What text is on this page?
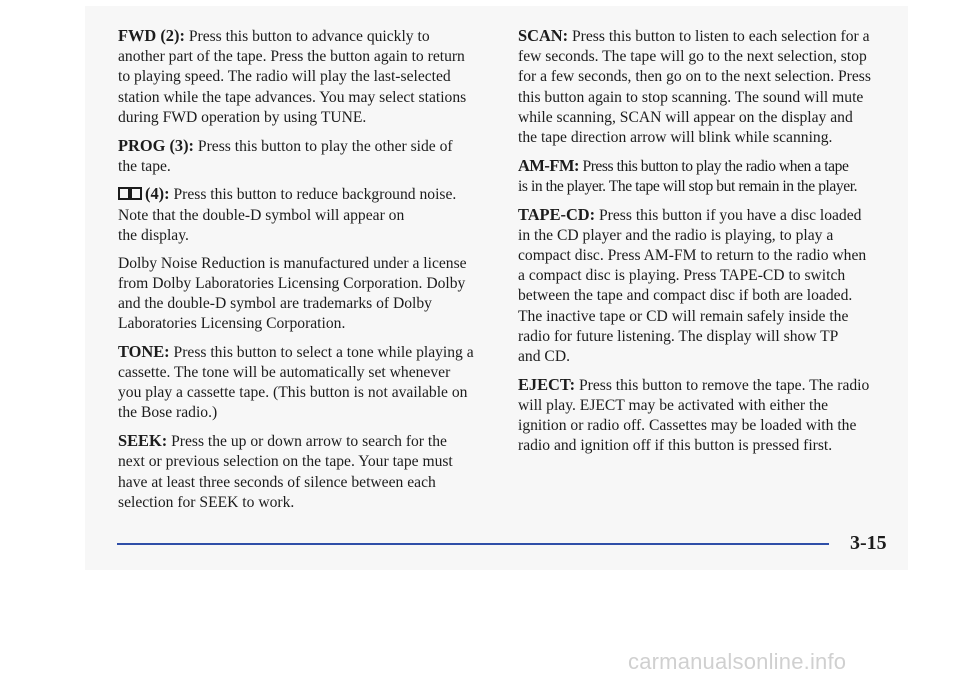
FWD (2): Press this button to advance quickly to
another part of the tape. Press the button again to return
to playing speed. The radio will play the last-selected
station while the tape advances. You may select stations
during FWD operation by using TUNE.
PROG (3): Press this button to play the other side of
the tape.
(4): Press this button to reduce background noise.
Note that the double-D symbol will appear on
the display.
Dolby Noise Reduction is manufactured under a license
from Dolby Laboratories Licensing Corporation. Dolby
and the double-D symbol are trademarks of Dolby
Laboratories Licensing Corporation.
TONE: Press this button to select a tone while playing a
cassette. The tone will be automatically set whenever
you play a cassette tape. (This button is not available on
the Bose radio.)
SEEK: Press the up or down arrow to search for the
next or previous selection on the tape. Your tape must
have at least three seconds of silence between each
selection for SEEK to work.
SCAN: Press this button to listen to each selection for a
few seconds. The tape will go to the next selection, stop
for a few seconds, then go on to the next selection. Press
this button again to stop scanning. The sound will mute
while scanning, SCAN will appear on the display and
the tape direction arrow will blink while scanning.
AM-FM: Press this button to play the radio when a tape
is in the player. The tape will stop but remain in the player.
TAPE-CD: Press this button if you have a disc loaded
in the CD player and the radio is playing, to play a
compact disc. Press AM-FM to return to the radio when
a compact disc is playing. Press TAPE-CD to switch
between the tape and compact disc if both are loaded.
The inactive tape or CD will remain safely inside the
radio for future listening. The display will show TP
and CD.
EJECT: Press this button to remove the tape. The radio
will play. EJECT may be activated with either the
ignition or radio off. Cassettes may be loaded with the
radio and ignition off if this button is pressed first.
3-15
carmanualsonline.info
